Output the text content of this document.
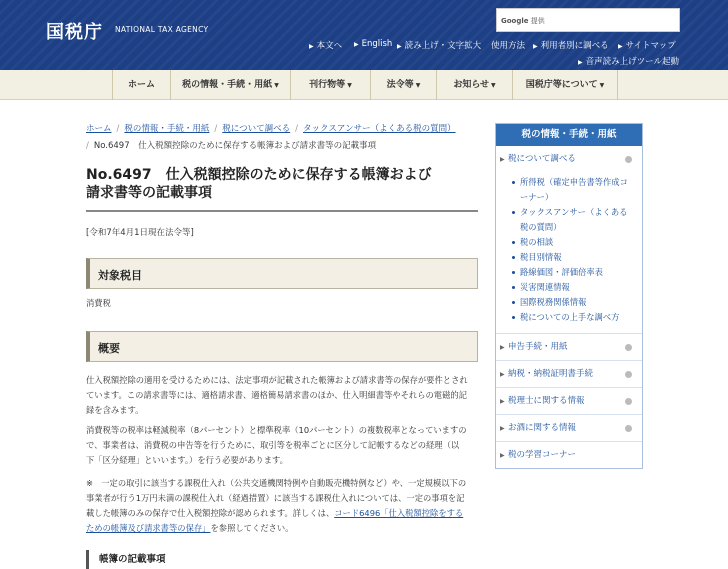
国税庁 NATIONAL TAX AGENCY
Google 提供
▶ 本文へ ▶ English ▶ 読み上げ・文字拡大 使用方法 ▶ 利用者別に調べる ▶ サイトマップ
▶ 音声読み上げツール起動
ホーム	税の情報・手続・用紙 ▼	刊行物等 ▼	法令等 ▼	お知らせ ▼	国税庁等について ▼
ホーム / 税の情報・手続・用紙 / 税について調べる / タックスアンサー（よくある税の質問）
/ No.6497　仕入税額控除のために保存する帳簿および請求書等の記載事項
No.6497　仕入税額控除のために保存する帳簿および
請求書等の記載事項
[令和7年4月1日現在法令等]
対象税目
消費税
概要
仕入税額控除の適用を受けるためには、法定事項が記載された帳簿および請求書等の保存が要件とされ
ています。この請求書等には、適格請求書、適格簡易請求書のほか、仕入明細書等やそれらの電磁的記
録を含みます。
消費税等の税率は軽減税率（8パーセント）と標準税率（10パーセント）の複数税率となっていますの
で、事業者は、消費税の申告等を行うために、取引等を税率ごとに区分して記帳するなどの経理（以
下「区分経理」といいます。）を行う必要があります。
※　一定の取引に該当する課税仕入れ（公共交通機関特例や自動販売機特例など）や、一定規模以下の
事業者が行う1万円未満の課税仕入れ（経過措置）に該当する課税仕入れについては、一定の事項を記
載した帳簿のみの保存で仕入税額控除が認められます。詳しくは、コード6496「仕入税額控除をする
ための帳簿及び請求書等の保存」を参照してください。
帳簿の記載事項
税の情報・手続・用紙
▶ 税について調べる
所得税（確定申告書等作成コ
ーナー）
タックスアンサー（よくある
税の質問）
税の相談
税目別情報
路線価図・評価倍率表
災害関連情報
国際税務関係情報
税についての上手な調べ方
▶ 申告手続・用紙
▶ 納税・納税証明書手続
▶ 税理士に関する情報
▶ お酒に関する情報
▶ 税の学習コーナー
